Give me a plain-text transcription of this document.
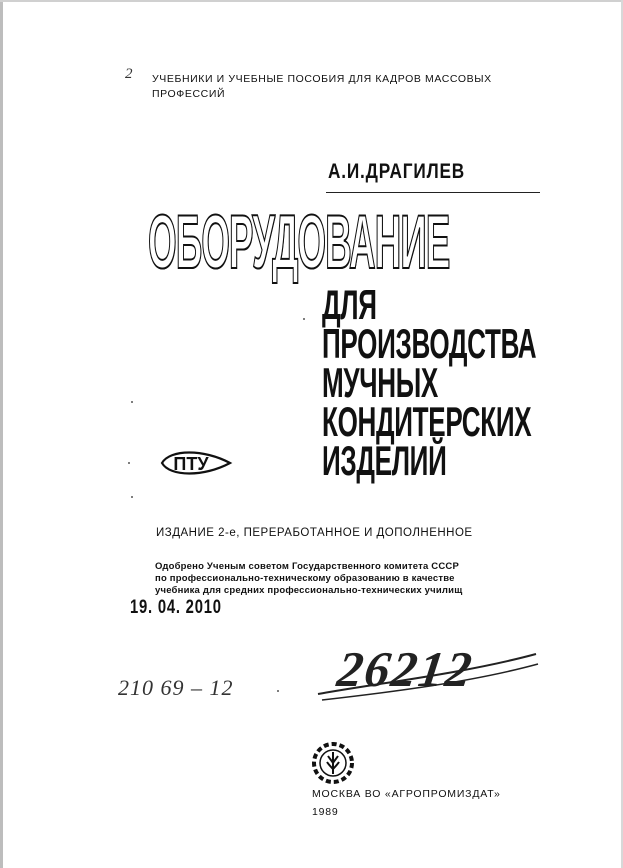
2 УЧЕБНИКИ И УЧЕБНЫЕ ПОСОБИЯ ДЛЯ КАДРОВ МАССОВЫХ
ПРОФЕССИЙ
А.И.ДРАГИЛЕВ
ОБОРУДОВАНИЕ
ДЛЯ
ПРОИЗВОДСТВА
МУЧНЫХ
КОНДИТЕРСКИХ
ИЗДЕЛИЙ
ПТУ
ИЗДАНИЕ 2-е, ПЕРЕРАБОТАННОЕ И ДОПОЛНЕННОЕ
Одобрено Ученым советом Государственного комитета СССР
по профессионально-техническому образованию в качестве
учебника для средних профессионально-технических училищ
19. 04. 2010
210 69 – 12 26212
МОСКВА ВО «АГРОПРОМИЗДАТ»
1989
